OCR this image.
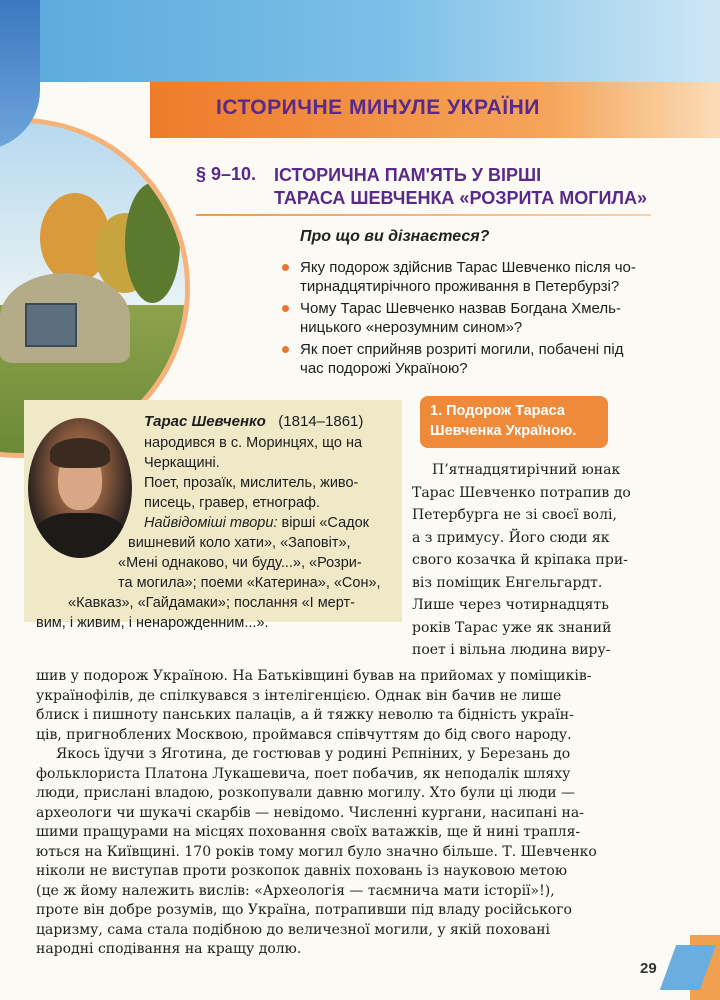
ІСТОРИЧНЕ МИНУЛЕ УКРАЇНИ
§ 9–10. ІСТОРИЧНА ПАМ'ЯТЬ У ВІРШІ
ТАРАСА ШЕВЧЕНКА «РОЗРИТА МОГИЛА»
Про що ви дізнаєтеся?
Яку подорож здійснив Тарас Шевченко після чо-
тирнадцятирічного проживання в Петербурзі?
Чому Тарас Шевченко назвав Богдана Хмель-
ницького «нерозумним сином»?
Як поет сприйняв розриті могили, побачені під
час подорожі Україною?
Тарас Шевченко (1814–1861)
народився в с. Моринцях, що на
Черкащині.
Поет, прозаїк, мислитель, живо-
писець, гравер, етнограф.
Найвідоміші твори: вірші «Садок
вишневий коло хати», «Заповіт»,
«Мені однаково, чи буду...», «Розри-
та могила»; поеми «Катерина», «Сон»,
«Кавказ», «Гайдамаки»; послання «І мерт-
вим, і живим, і ненарожденним...».
1. Подорож Тараса
Шевченка Україною.
П’ятнадцятирічний юнак
Тарас Шевченко потрапив до
Петербурга не зі своєї волі,
а з примусу. Його сюди як
свого козачка й кріпака при-
віз поміщик Енгельгардт.
Лише через чотирнадцять
років Тарас уже як знаний
поет і вільна людина виру-
шив у подорож Україною. На Батьківщині бував на прийомах у поміщиків-
українофілів, де спілкувався з інтелігенцією. Однак він бачив не лише
блиск і пишноту панських палаців, а й тяжку неволю та бідність україн-
ців, пригноблених Москвою, проймався співчуттям до бід свого народу.
Якось їдучи з Яготина, де гостював у родині Рєпніних, у Березань до
фольклориста Платона Лукашевича, поет побачив, як неподалік шляху
люди, прислані владою, розкопували давню могилу. Хто були ці люди —
археологи чи шукачі скарбів — невідомо. Численні кургани, насипані на-
шими пращурами на місцях поховання своїх ватажків, ще й нині трапля-
ються на Київщині. 170 років тому могил було значно більше. Т. Шевченко
ніколи не виступав проти розкопок давніх поховань із науковою метою
(це ж йому належить вислів: «Археологія — таємнича мати історії»!),
проте він добре розумів, що Україна, потрапивши під владу російського
царизму, сама стала подібною до величезної могили, у якій поховані
народні сподівання на кращу долю.
29
